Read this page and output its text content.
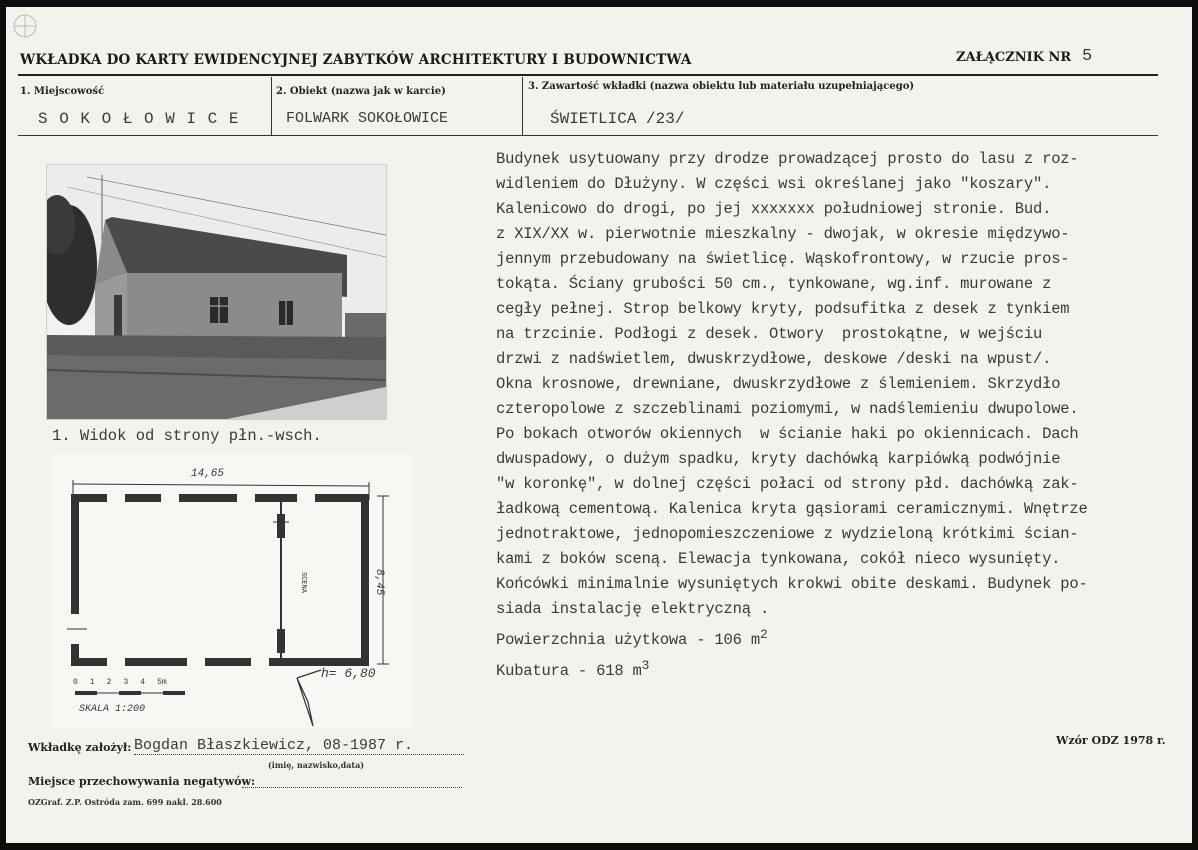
WKŁADKA DO KARTY EWIDENCYJNEJ ZABYTKÓW ARCHITEKTURY I BUDOWNICTWA	ZAŁĄCZNIK NR 5
1. Miejscowość
S O K O Ł O W I C E
2. Obiekt (nazwa jak w karcie)
FOLWARK SOKOŁOWICE
3. Zawartość wkładki (nazwa obiektu lub materiału uzupełniającego)
ŚWIETLICA /23/
1. Widok od strony płn.-wsch.
14,65
8,45
SCENA
h= 6,80
0 1 2 3 4 5m
SKALA 1:200

Budynek usytuowany przy drodze prowadzącej prosto do lasu z roz-

widleniem do Dłużyny. W części wsi określanej jako "koszary".

Kalenicowo do drogi, po jej xxxxxxx południowej stronie. Bud.

z XIX/XX w. pierwotnie mieszkalny - dwojak, w okresie międzywo-

jennym przebudowany na świetlicę. Wąskofrontowy, w rzucie pros-

tokąta. Ściany grubości 50 cm., tynkowane, wg.inf. murowane z

cegły pełnej. Strop belkowy kryty, podsufitka z desek z tynkiem

na trzcinie. Podłogi z desek. Otwory  prostokątne, w wejściu

drzwi z nadświetlem, dwuskrzydłowe, deskowe /deski na wpust/.

Okna krosnowe, drewniane, dwuskrzydłowe z ślemieniem. Skrzydło

czteropolowe z szczeblinami poziomymi, w nadślemieniu dwupolowe.

Po bokach otworów okiennych  w ścianie haki po okiennicach. Dach

dwuspadowy, o dużym spadku, kryty dachówką karpiówką podwójnie

"w koronkę", w dolnej części połaci od strony płd. dachówką zak-

ładkową cementową. Kalenica kryta gąsiorami ceramicznymi. Wnętrze

jednotraktowe, jednopomieszczeniowe z wydzieloną krótkimi ścian-

kami z boków sceną. Elewacja tynkowana, cokół nieco wysunięty.

Końcówki minimalnie wysuniętych krokwi obite deskami. Budynek po-

siada instalację elektryczną .

Powierzchnia użytkowa - 106 $m^2$

Kubatura - 618 $m^3$

Wkładkę założył: Bogdan Błaszkiewicz, 08-1987 r.
(imię, nazwisko,data)
Miejsce przechowywania negatywów:
OZGraf. Z.P. Ostróda zam. 699 nakł. 28.600
Wzór ODZ 1978 r.
